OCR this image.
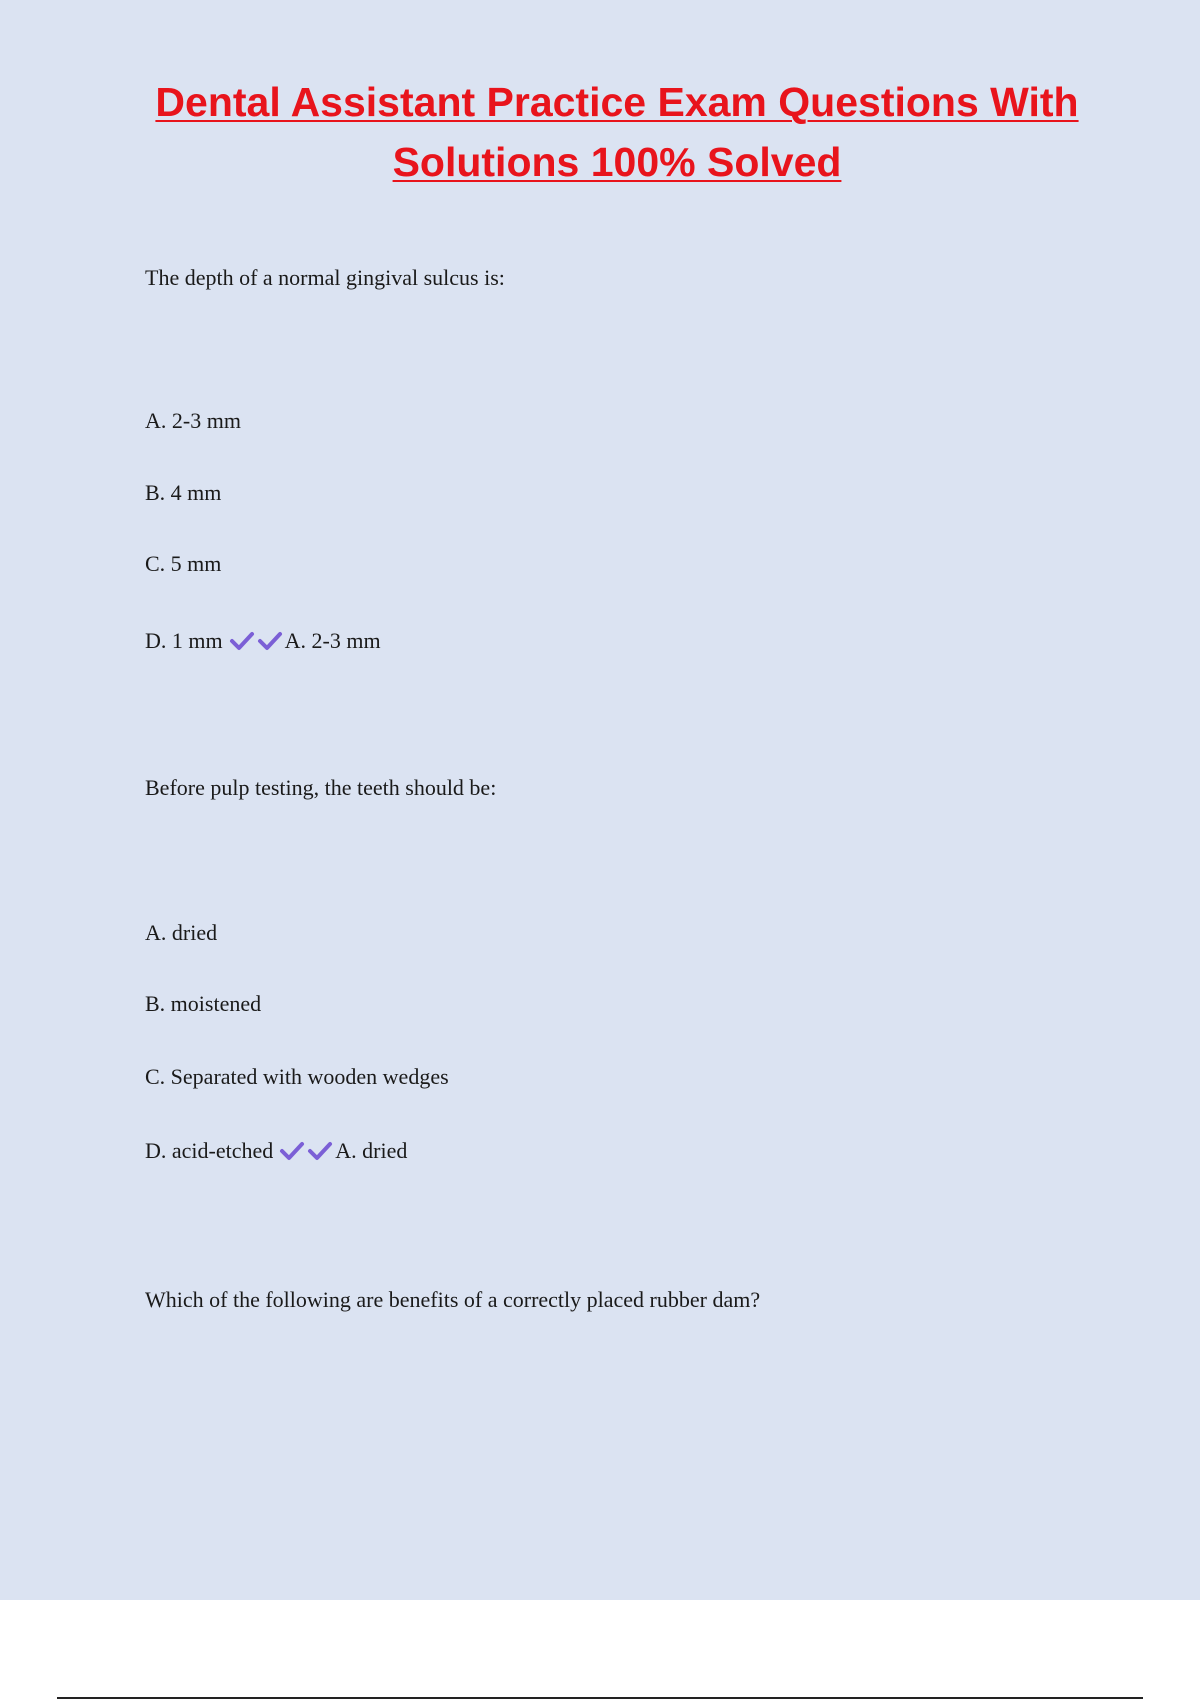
Dental Assistant Practice Exam Questions With
Solutions 100% Solved

The depth of a normal gingival sulcus is:

A. 2-3 mm

B. 4 mm

C. 5 mm

D. 1 mm	A. 2-3 mm

Before pulp testing, the teeth should be:

A. dried

B. moistened

C. Separated with wooden wedges

D. acid-etched	A. dried

Which of the following are benefits of a correctly placed rubber dam?
